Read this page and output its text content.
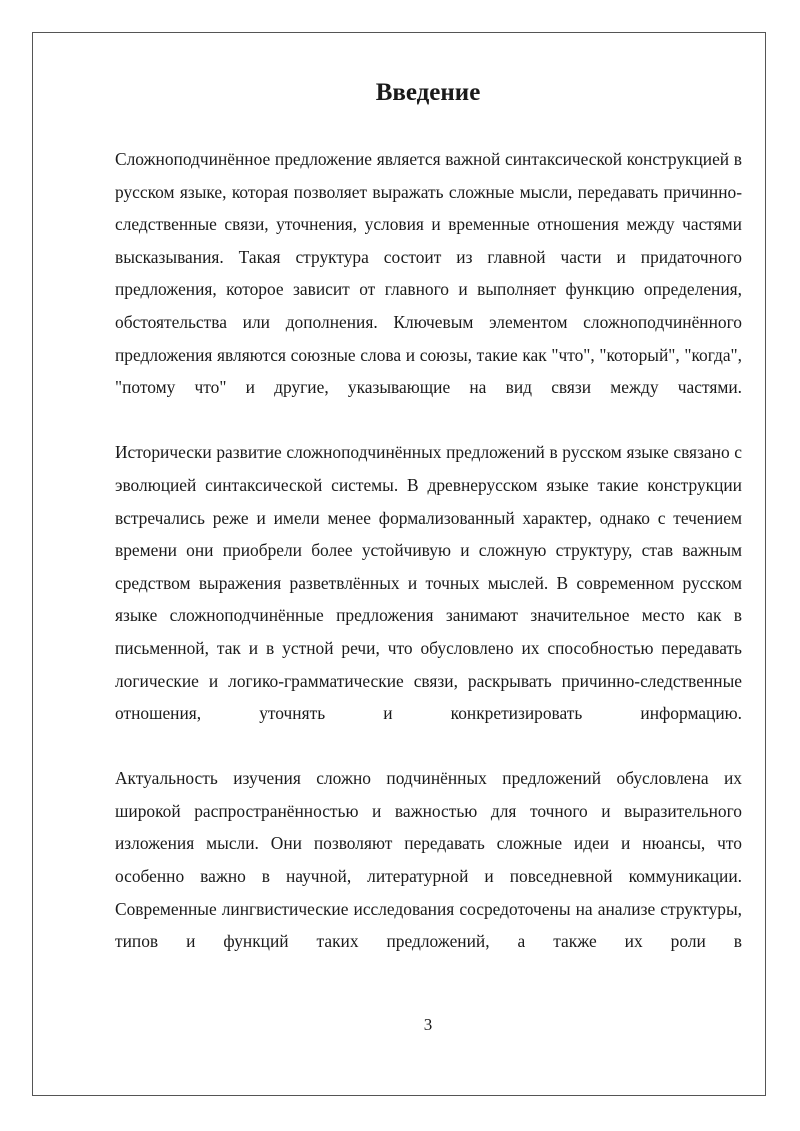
Введение

Сложноподчинённое предложение является важной синтаксической конструкцией в русском языке, которая позволяет выражать сложные мысли, передавать причинно-следственные связи, уточнения, условия и временные отношения между частями высказывания. Такая структура состоит из главной части и придаточного предложения, которое зависит от главного и выполняет функцию определения, обстоятельства или дополнения. Ключевым элементом сложноподчинённого предложения являются союзные слова и союзы, такие как "что", "который", "когда", "потому что" и другие, указывающие на вид связи между частями.

Исторически развитие сложноподчинённых предложений в русском языке связано с эволюцией синтаксической системы. В древнерусском языке такие конструкции встречались реже и имели менее формализованный характер, однако с течением времени они приобрели более устойчивую и сложную структуру, став важным средством выражения разветвлённых и точных мыслей. В современном русском языке сложноподчинённые предложения занимают значительное место как в письменной, так и в устной речи, что обусловлено их способностью передавать логические и логико-грамматические связи, раскрывать причинно-следственные отношения, уточнять и конкретизировать информацию.

Актуальность изучения сложно подчинённых предложений обусловлена их широкой распространённостью и важностью для точного и выразительного изложения мысли. Они позволяют передавать сложные идеи и нюансы, что особенно важно в научной, литературной и повседневной коммуникации. Современные лингвистические исследования сосредоточены на анализе структуры, типов и функций таких предложений, а также их роли в

3
